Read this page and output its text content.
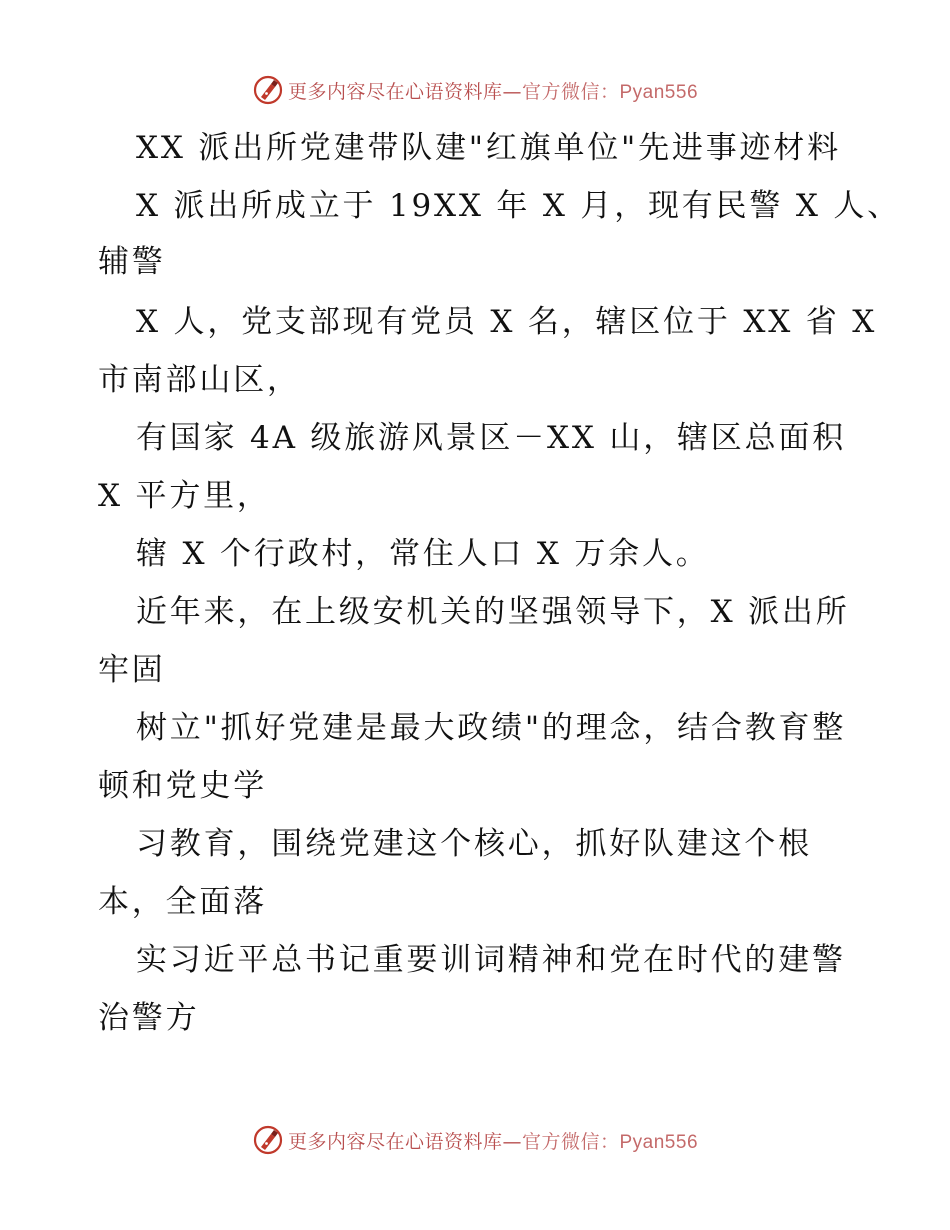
更多内容尽在心语资料库—官方微信：Pyan556
XX 派出所党建带队建"红旗单位"先进事迹材料
X 派出所成立于 19XX 年 X 月，现有民警 X 人、
辅警
X 人，党支部现有党员 X 名，辖区位于 XX 省 X
市南部山区，
有国家 4A 级旅游风景区－XX 山，辖区总面积
X 平方里，
辖 X 个行政村，常住人口 X 万余人。
近年来，在上级安机关的坚强领导下，X 派出所
牢固
树立"抓好党建是最大政绩"的理念，结合教育整
顿和党史学
习教育，围绕党建这个核心，抓好队建这个根
本，全面落
实习近平总书记重要训词精神和党在时代的建警
治警方
更多内容尽在心语资料库—官方微信：Pyan556
